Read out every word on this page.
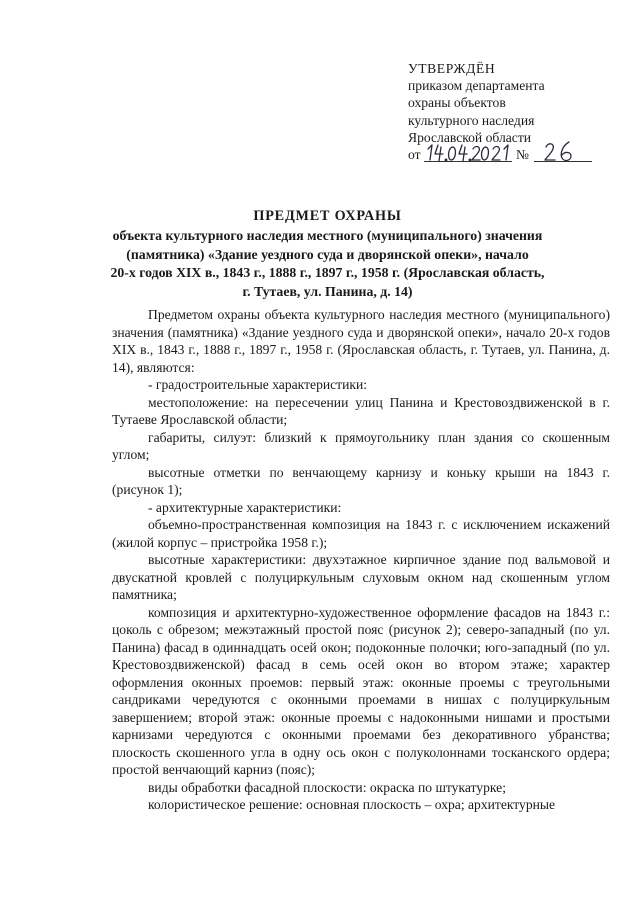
УТВЕРЖДЁН
приказом департамента
охраны объектов
культурного наследия
Ярославской области
от	№
ПРЕДМЕТ ОХРАНЫ
объекта культурного наследия местного (муниципального) значения
(памятника) «Здание уездного суда и дворянской опеки», начало
20-х годов XIX в., 1843 г., 1888 г., 1897 г., 1958 г. (Ярославская область,
г. Тутаев, ул. Панина, д. 14)

Предметом охраны объекта культурного наследия местного (муниципального) значения (памятника) «Здание уездного суда и дворянской опеки», начало 20-х годов XIX в., 1843 г., 1888 г., 1897 г., 1958 г. (Ярославская область, г. Тутаев, ул. Панина, д. 14), являются:

- градостроительные характеристики:

местоположение: на пересечении улиц Панина и Крестовоздвиженской в г. Тутаеве Ярославской области;

габариты, силуэт: близкий к прямоугольнику план здания со скошенным углом;

высотные отметки по венчающему карнизу и коньку крыши на 1843 г. (рисунок 1);

- архитектурные характеристики:

объемно-пространственная композиция на 1843 г. с исключением искажений (жилой корпус – пристройка 1958 г.);

высотные характеристики: двухэтажное кирпичное здание под вальмовой и двускатной кровлей с полуциркульным слуховым окном над скошенным углом памятника;

композиция и архитектурно-художественное оформление фасадов на 1843 г.: цоколь с обрезом; межэтажный простой пояс (рисунок 2); северо-западный (по ул. Панина) фасад в одиннадцать осей окон; подоконные полочки; юго-западный (по ул. Крестовоздвиженской) фасад в семь осей окон во втором этаже; характер оформления оконных проемов: первый этаж: оконные проемы с треугольными сандриками чередуются с оконными проемами в нишах с полуциркульным завершением; второй этаж: оконные проемы с надоконными нишами и простыми карнизами чередуются с оконными проемами без декоративного убранства; плоскость скошенного угла в одну ось окон с полуколоннами тосканского ордера; простой венчающий карниз (пояс);

виды обработки фасадной плоскости: окраска по штукатурке;

колористическое решение: основная плоскость – охра; архитектурные
